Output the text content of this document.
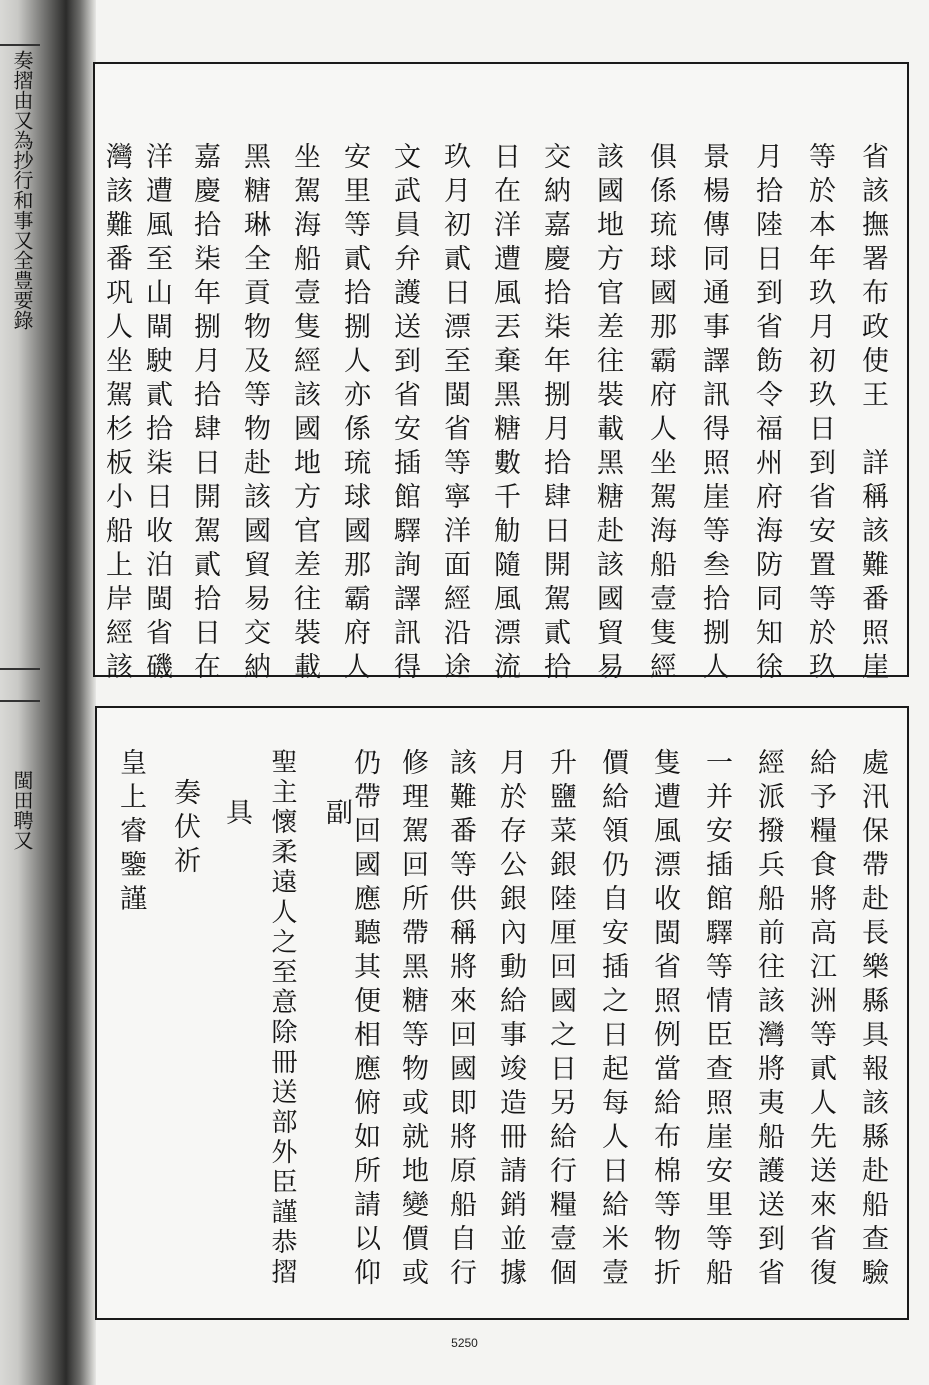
奏摺由又為抄行和事又全豊要錄
閩田聘又
省該撫署布政使王　詳稱該難番照崖
等於本年玖月初玖日到省安置等於玖
月拾陸日到省飭令福州府海防同知徐
景楊傳同通事譯訊得照崖等叁拾捌人
俱係琉球國那霸府人坐駕海船壹隻經
該國地方官差往裝載黑糖赴該國貿易
交納嘉慶拾柒年捌月拾肆日開駕貳拾
日在洋遭風丟棄黑糖數千觔隨風漂流
玖月初貳日漂至閩省等寧洋面經沿途
文武員弁護送到省安插館驛詢譯訊得
安里等貳拾捌人亦係琉球國那霸府人
坐駕海船壹隻經該國地方官差往裝載
黑糖琳全貢物及等物赴該國貿易交納
嘉慶拾柒年捌月拾肆日開駕貳拾日在
洋遭風至山閘駛貳拾柒日收泊閩省磯
灣該難番巩人坐駕杉板小船上岸經該
處汛保帶赴長樂縣具報該縣赴船查驗
給予糧食將高江洲等貳人先送來省復
經派撥兵船前往該灣將夷船護送到省
一并安插館驛等情臣查照崖安里等船
隻遭風漂收閩省照例當給布棉等物折
價給領仍自安插之日起每人日給米壹
升鹽菜銀陸厘回國之日另給行糧壹個
月於存公銀內動給事竣造冊請銷並據
該難番等供稱將來回國即將原船自行
修理駕回所帶黑糖等物或就地變價或
仍帶回國應聽其便相應俯如所請以仰
聖主懷柔遠人之至意除冊送部外臣謹恭摺 副
具
奏伏祈
皇上睿鑒謹
5250
